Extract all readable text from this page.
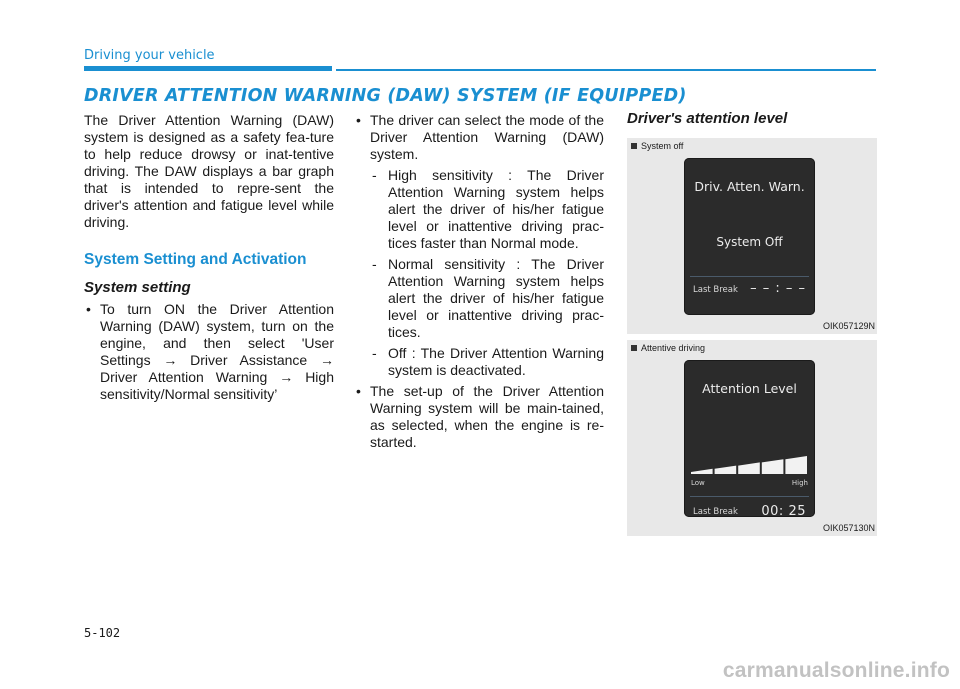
Driving your vehicle
DRIVER ATTENTION WARNING (DAW) SYSTEM (IF EQUIPPED)

The Driver Attention Warning (DAW) system is designed as a safety fea-ture to help reduce drowsy or inat-tentive driving. The DAW displays a bar graph that is intended to repre-sent the driver's attention and fatigue level while driving.

System Setting and Activation
System setting
• To turn ON the Driver Attention Warning (DAW) system, turn on the engine, and then select 'User Settings → Driver Assistance → Driver Attention Warning → High sensitivity/Normal sensitivity’
• The driver can select the mode of the Driver Attention Warning (DAW) system.
- High sensitivity : The Driver Attention Warning system helps alert the driver of his/her fatigue level or inattentive driving prac-tices faster than Normal mode.
- Normal sensitivity : The Driver Attention Warning system helps alert the driver of his/her fatigue level or inattentive driving prac-tices.
- Off : The Driver Attention Warning system is deactivated.
• The set-up of the Driver Attention Warning system will be main-tained, as selected, when the engine is re-started.
Driver's attention level
System off
Driv. Atten. Warn.
System Off
Last Break – – : – –
OIK057129N
Attentive driving
Attention Level
Low	High
Last Break 00: 25
OIK057130N
5-102
carmanualsonline.info
